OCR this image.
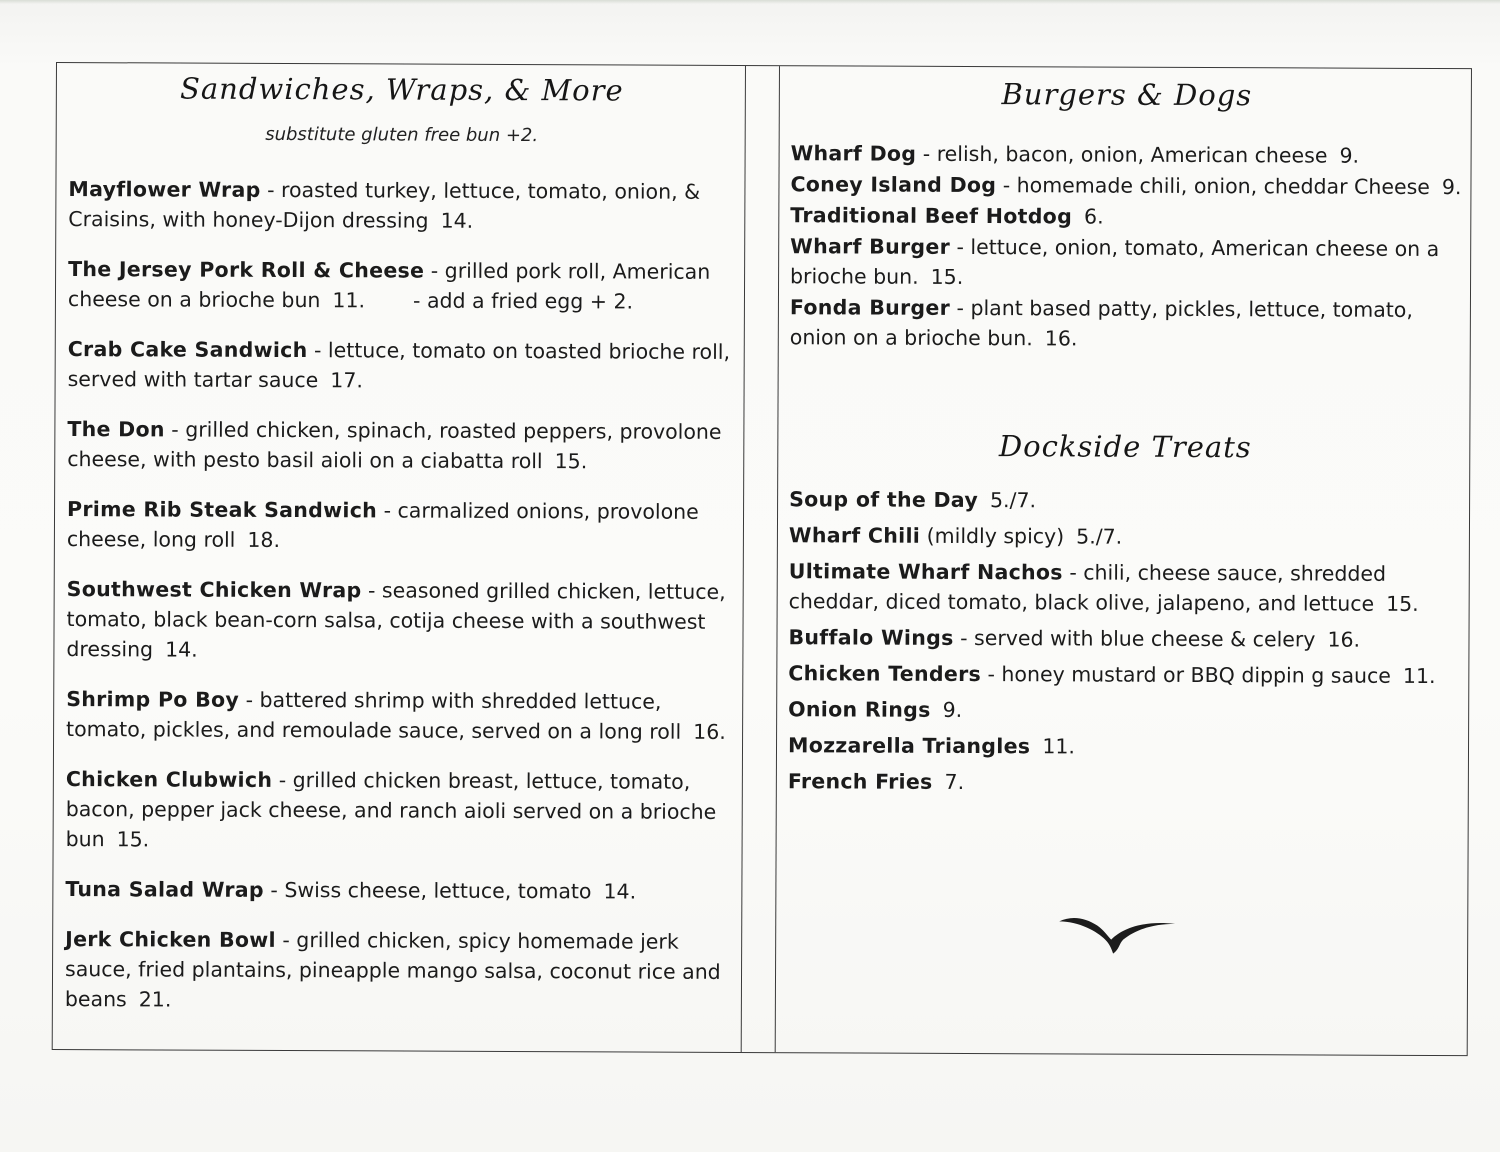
Sandwiches, Wraps, & More
substitute gluten free bun +2.
Mayflower Wrap - roasted turkey, lettuce, tomato, onion, & Craisins, with honey-Dijon dressing 14.
The Jersey Pork Roll & Cheese - grilled pork roll, American cheese on a brioche bun 11. - add a fried egg + 2.
Crab Cake Sandwich - lettuce, tomato on toasted brioche roll, served with tartar sauce 17.
The Don - grilled chicken, spinach, roasted peppers, provolone cheese, with pesto basil aioli on a ciabatta roll 15.
Prime Rib Steak Sandwich - carmalized onions, provolone cheese, long roll 18.
Southwest Chicken Wrap - seasoned grilled chicken, lettuce, tomato, black bean-corn salsa, cotija cheese with a southwest dressing 14.
Shrimp Po Boy - battered shrimp with shredded lettuce, tomato, pickles, and remoulade sauce, served on a long roll 16.
Chicken Clubwich - grilled chicken breast, lettuce, tomato, bacon, pepper jack cheese, and ranch aioli served on a brioche bun 15.
Tuna Salad Wrap - Swiss cheese, lettuce, tomato 14.
Jerk Chicken Bowl - grilled chicken, spicy homemade jerk sauce, fried plantains, pineapple mango salsa, coconut rice and beans 21.
Burgers & Dogs
Wharf Dog - relish, bacon, onion, American cheese 9.
Coney Island Dog - homemade chili, onion, cheddar Cheese 9.
Traditional Beef Hotdog 6.
Wharf Burger - lettuce, onion, tomato, American cheese on a brioche bun. 15.
Fonda Burger - plant based patty, pickles, lettuce, tomato, onion on a brioche bun. 16.
Dockside Treats
Soup of the Day 5./7.
Wharf Chili (mildly spicy) 5./7.
Ultimate Wharf Nachos - chili, cheese sauce, shredded cheddar, diced tomato, black olive, jalapeno, and lettuce 15.
Buffalo Wings - served with blue cheese & celery 16.
Chicken Tenders - honey mustard or BBQ dippin g sauce 11.
Onion Rings 9.
Mozzarella Triangles 11.
French Fries 7.
